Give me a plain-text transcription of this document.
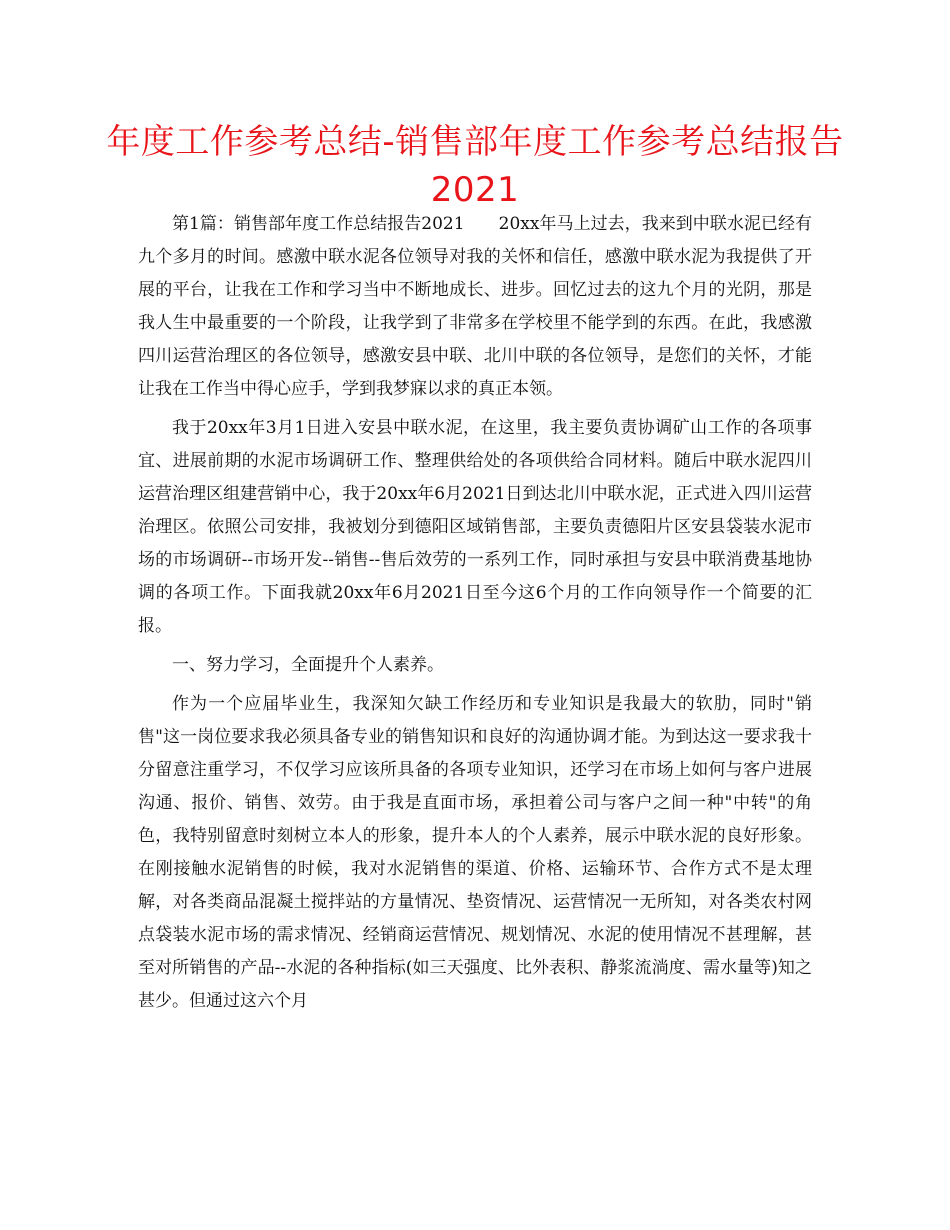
年度工作参考总结-销售部年度工作参考总结报告2021

第1篇：销售部年度工作总结报告2021　　20xx年马上过去，我来到中联水泥已经有九个多月的时间。感激中联水泥各位领导对我的关怀和信任，感激中联水泥为我提供了开展的平台，让我在工作和学习当中不断地成长、进步。回忆过去的这九个月的光阴，那是我人生中最重要的一个阶段，让我学到了非常多在学校里不能学到的东西。在此，我感激四川运营治理区的各位领导，感激安县中联、北川中联的各位领导，是您们的关怀，才能让我在工作当中得心应手，学到我梦寐以求的真正本领。

我于20xx年3月1日进入安县中联水泥，在这里，我主要负责协调矿山工作的各项事宜、进展前期的水泥市场调研工作、整理供给处的各项供给合同材料。随后中联水泥四川运营治理区组建营销中心，我于20xx年6月2021日到达北川中联水泥，正式进入四川运营治理区。依照公司安排，我被划分到德阳区域销售部，主要负责德阳片区安县袋装水泥市场的市场调研--市场开发--销售--售后效劳的一系列工作，同时承担与安县中联消费基地协调的各项工作。下面我就20xx年6月2021日至今这6个月的工作向领导作一个简要的汇报。

一、努力学习，全面提升个人素养。

作为一个应届毕业生，我深知欠缺工作经历和专业知识是我最大的软肋，同时"销售"这一岗位要求我必须具备专业的销售知识和良好的沟通协调才能。为到达这一要求我十分留意注重学习，不仅学习应该所具备的各项专业知识，还学习在市场上如何与客户进展沟通、报价、销售、效劳。由于我是直面市场，承担着公司与客户之间一种"中转"的角色，我特别留意时刻树立本人的形象，提升本人的个人素养，展示中联水泥的良好形象。在刚接触水泥销售的时候，我对水泥销售的渠道、价格、运输环节、合作方式不是太理解，对各类商品混凝土搅拌站的方量情况、垫资情况、运营情况一无所知，对各类农村网点袋装水泥市场的需求情况、经销商运营情况、规划情况、水泥的使用情况不甚理解，甚至对所销售的产品--水泥的各种指标(如三天强度、比外表积、静浆流淌度、需水量等)知之甚少。但通过这六个月
